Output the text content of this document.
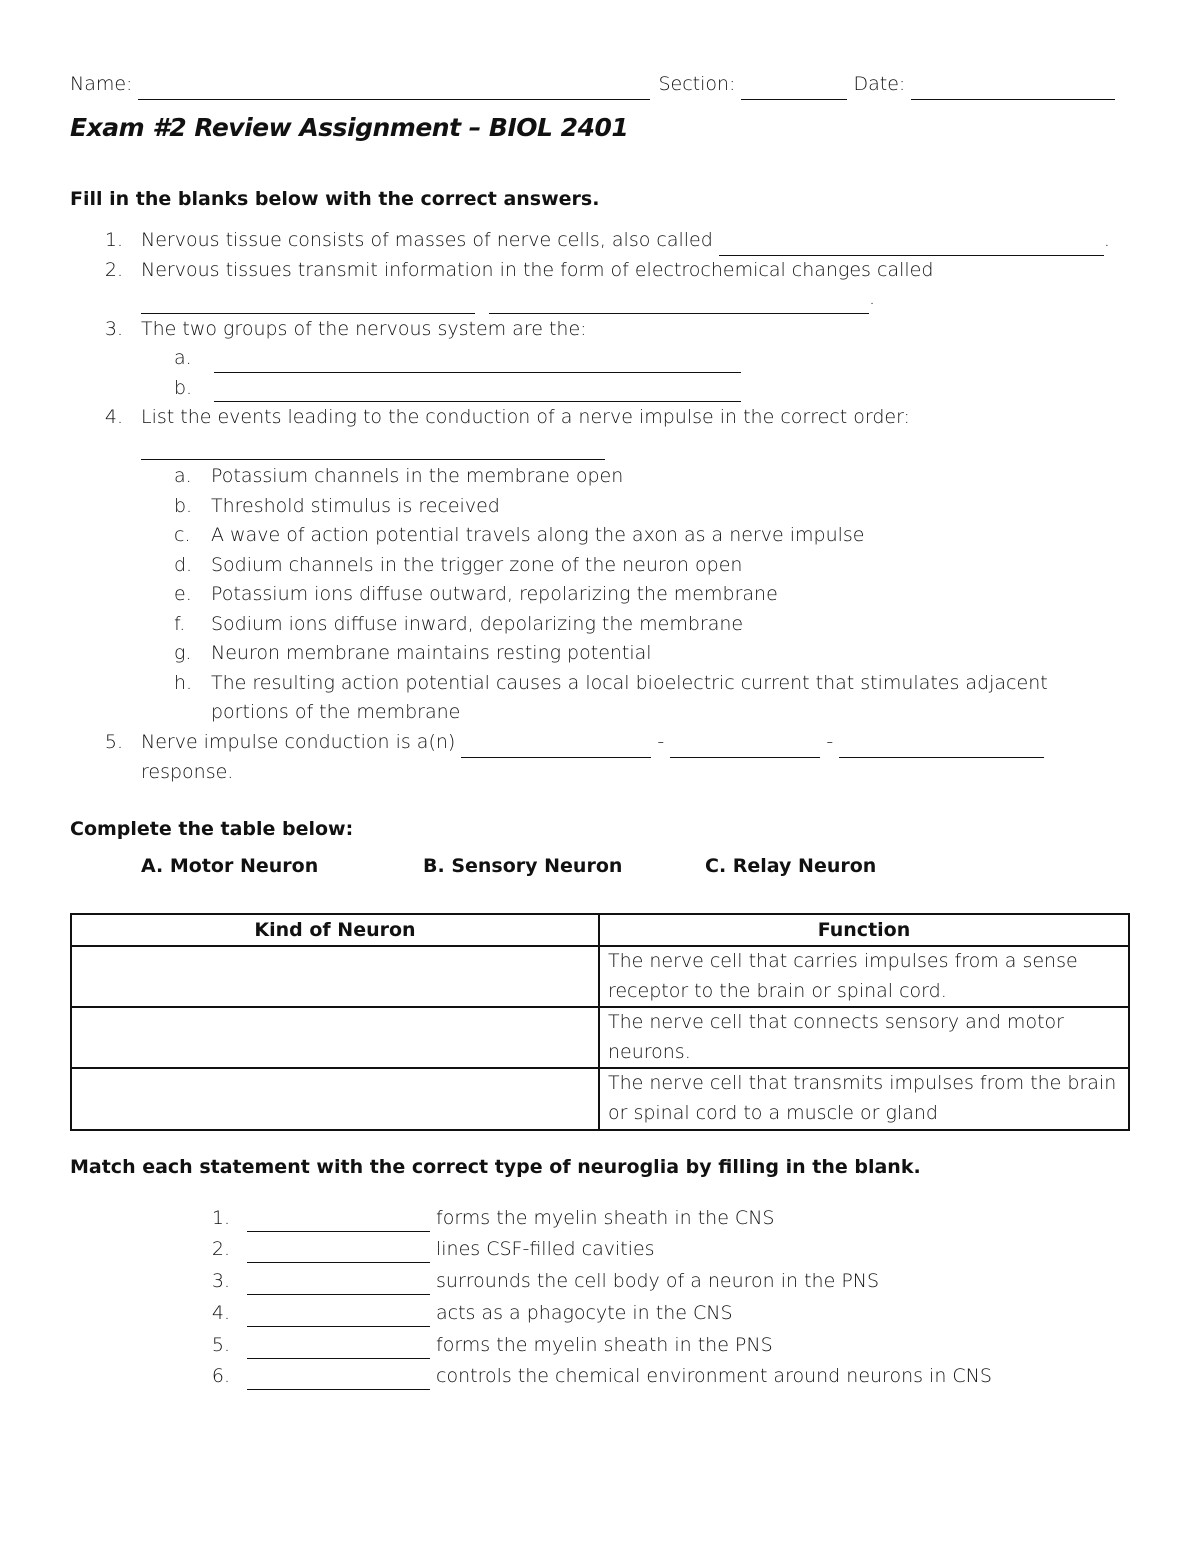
Name:	Section:	Date:
Exam #2 Review Assignment – BIOL 2401
Fill in the blanks below with the correct answers.
1. Nervous tissue consists of masses of nerve cells, also called	.
2. Nervous tissues transmit information in the form of electrochemical changes called
.
3. The two groups of the nervous system are the:
a.
b.
4. List the events leading to the conduction of a nerve impulse in the correct order:
a. Potassium channels in the membrane open
b. Threshold stimulus is received
c. A wave of action potential travels along the axon as a nerve impulse
d. Sodium channels in the trigger zone of the neuron open
e. Potassium ions diffuse outward, repolarizing the membrane
f. Sodium ions diffuse inward, depolarizing the membrane
g. Neuron membrane maintains resting potential
h. The resulting action potential causes a local bioelectric current that stimulates adjacent
portions of the membrane
5. Nerve impulse conduction is a(n)	-	-
response.
Complete the table below:
A. Motor Neuron	B. Sensory Neuron	C. Relay Neuron
Kind of Neuron	Function
	The nerve cell that carries impulses from a sense
receptor to the brain or spinal cord.
	The nerve cell that connects sensory and motor
neurons.
	The nerve cell that transmits impulses from the brain
or spinal cord to a muscle or gland
Match each statement with the correct type of neuroglia by filling in the blank.
1.	forms the myelin sheath in the CNS
2.	lines CSF-filled cavities
3.	surrounds the cell body of a neuron in the PNS
4.	acts as a phagocyte in the CNS
5.	forms the myelin sheath in the PNS
6.	controls the chemical environment around neurons in CNS
